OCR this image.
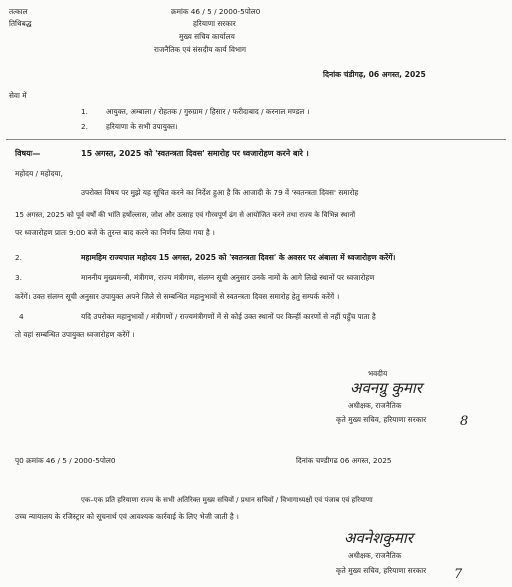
तत्काल
तिथिबद्ध
क्रमांक 46 / 5 / 2000-5पोल0
हरियाणा सरकार
मुख्य सचिव कार्यालय
राजनैतिक एवं संसदीय कार्य विभाग
दिनांक चंडीगढ़, 06 अगस्त, 2025
सेवा में
1. आयुक्त, अम्बाला / रोहतक / गुरुग्राम / हिसार / फरीदाबाद / करनाल मण्डल ।
2. हरियाणा के सभी उपायुक्त।
विषयः—	15 अगस्त, 2025 को 'स्वतन्त्रता दिवस' समारोह पर ध्वजारोहण करने बारे ।
महोदय / महोदया,
उपरोक्त विषय पर मुझे यह सूचित करने का निर्देश हुआ है कि आजादी के 79 वें 'स्वतन्त्रता दिवस' समारोह
15 अगस्त, 2025 को पूर्व वर्षों की भांति हर्षोल्लास, जोश और उत्साह एवं गौरवपूर्ण ढंग से आयोजित करने तथा राज्य के विभिन्न स्थानों
पर ध्वजारोहण प्रातः 9:00 बजे के तुरन्त बाद करने का निर्णय लिया गया है ।
2.	महामहिम राज्यपाल महोदय 15 अगस्त, 2025 को 'स्वतन्त्रता दिवस' के अवसर पर अंबाला में ध्वजारोहण करेंगें।
3.	माननीय मुख्यमन्त्री, मंत्रीगण, राज्य मंत्रीगण, संलग्न सूची अनुसार उनके नामों के आगे लिखे स्थानों पर ध्वजारोहण
करेंगें। उक्त संलग्न सूची अनुसार उपायुक्त अपने जिले से सम्बन्धित महानुभावों से स्वतन्त्रता दिवस समारोह हेतु सम्पर्क करेंगें ।
4	यदि उपरोक्त महानुभावों / मंत्रीगणों / राज्यमंत्रीगणों में से कोई उक्त स्थानों पर किन्हीं कारणों से नहीं पहुँच पाता है
तो वहां सम्बन्धित उपायुक्त ध्वजारोहण करेंगें ।
भवदीय
अवनग्रु कुमार
अधीक्षक, राजनैतिक
कृते मुख्य सचिव, हरियाणा सरकार	8
पृ0 क्रमांक 46 / 5 / 2000-5पोल0	दिनांक चण्डीगढ 06 अगस्त, 2025
एक–एक प्रति हरियाणा राज्य के सभी अतिरिक्त मुख्य सचिवों / प्रधान सचिवों / विभागाध्यक्षों एवं पंजाब एवं हरियाणा
उच्च न्यायालय के रजिस्ट्रार को सूचनार्थ एवं आवश्यक कार्रवाई के लिए भेजी जाती है ।
अवनेशकुमार
अधीक्षक, राजनैतिक
कृते मुख्य सचिव, हरियाणा सरकार 7
